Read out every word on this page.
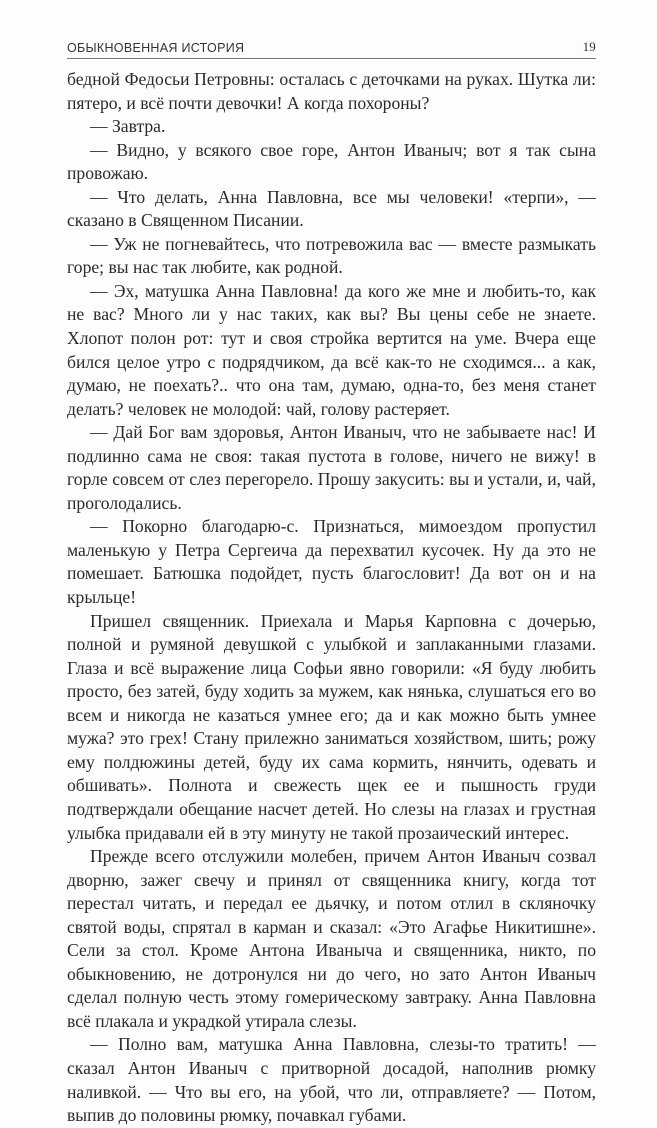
ОБЫКНОВЕННАЯ ИСТОРИЯ	19

бедной Федосьи Петровны: осталась с деточками на руках. Шутка ли: пятеро, и всё почти девочки! А когда похороны?

— Завтра.

— Видно, у всякого свое горе, Антон Иваныч; вот я так сына провожаю.

— Что делать, Анна Павловна, все мы человеки! «терпи», — сказано в Священном Писании.

— Уж не погневайтесь, что потревожила вас — вместе размыкать горе; вы нас так любите, как родной.

— Эх, матушка Анна Павловна! да кого же мне и любить-то, как не вас? Много ли у нас таких, как вы? Вы цены себе не знаете. Хлопот полон рот: тут и своя стройка вертится на уме. Вчера еще бился целое утро с подрядчиком, да всё как-то не сходимся... а как, думаю, не поехать?.. что она там, думаю, одна-то, без меня станет делать? человек не молодой: чай, голову растеряет.

— Дай Бог вам здоровья, Антон Иваныч, что не забываете нас! И подлинно сама не своя: такая пустота в голове, ничего не вижу! в горле совсем от слез перегорело. Прошу закусить: вы и устали, и, чай, проголодались.

— Покорно благодарю-с. Признаться, мимоездом пропустил маленькую у Петра Сергеича да перехватил кусочек. Ну да это не помешает. Батюшка подойдет, пусть благословит! Да вот он и на крыльце!

Пришел священник. Приехала и Марья Карповна с дочерью, полной и румяной девушкой с улыбкой и заплаканными глазами. Глаза и всё выражение лица Софьи явно говорили: «Я буду любить просто, без затей, буду ходить за мужем, как нянька, слушаться его во всем и никогда не казаться умнее его; да и как можно быть умнее мужа? это грех! Стану прилежно заниматься хозяйством, шить; рожу ему полдюжины детей, буду их сама кормить, нянчить, одевать и обшивать». Полнота и свежесть щек ее и пышность груди подтверждали обещание насчет детей. Но слезы на глазах и грустная улыбка придавали ей в эту минуту не такой прозаический интерес.

Прежде всего отслужили молебен, причем Антон Иваныч созвал дворню, зажег свечу и принял от священника книгу, когда тот перестал читать, и передал ее дьячку, и потом отлил в скляночку святой воды, спрятал в карман и сказал: «Это Агафье Никитишне». Сели за стол. Кроме Антона Иваныча и священника, никто, по обыкновению, не дотронулся ни до чего, но зато Антон Иваныч сделал полную честь этому гомерическому завтраку. Анна Павловна всё плакала и украдкой утирала слезы.

— Полно вам, матушка Анна Павловна, слезы-то тратить! — сказал Антон Иваныч с притворной досадой, наполнив рюмку наливкой. — Что вы его, на убой, что ли, отправляете? — Потом, выпив до половины рюмку, почавкал губами.
